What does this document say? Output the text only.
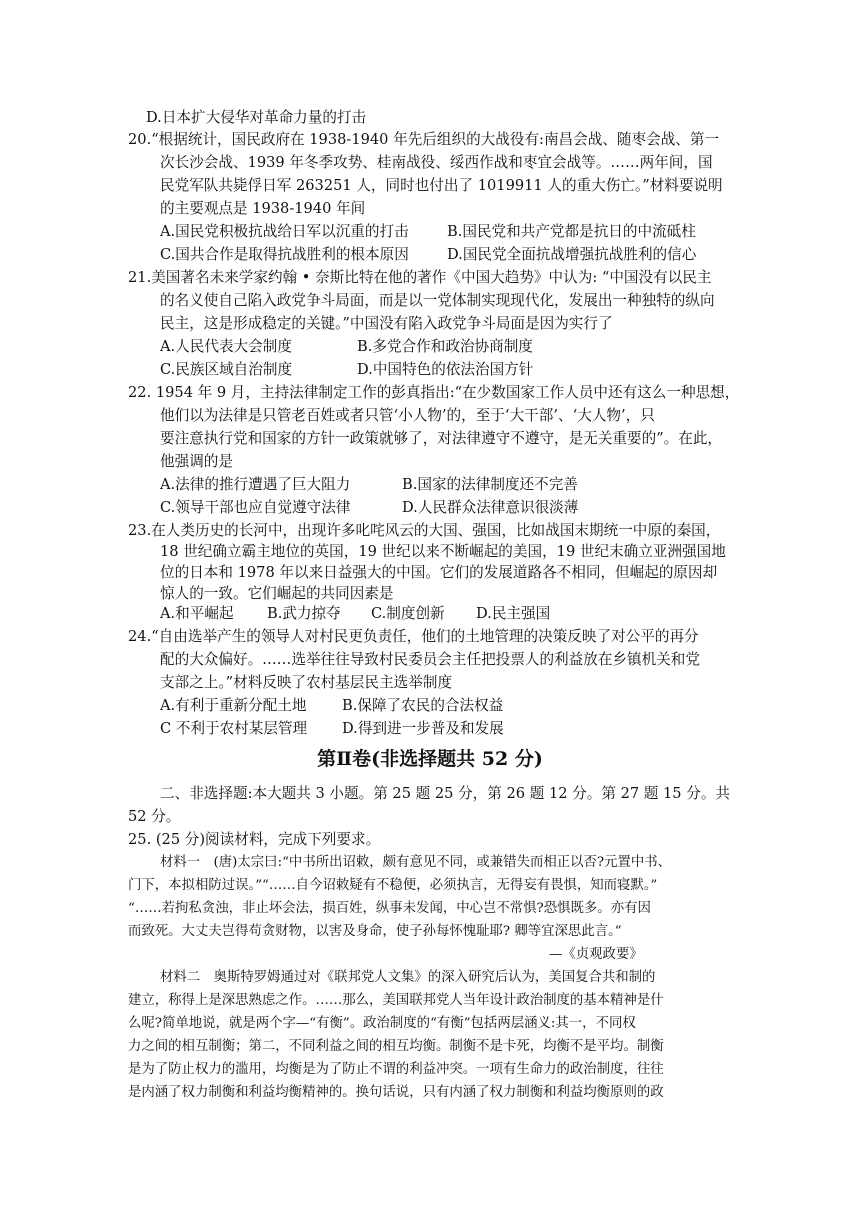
D.日本扩大侵华对革命力量的打击
20.“根据统计，国民政府在 1938-1940 年先后组织的大战役有:南昌会战、随枣会战、第一
次长沙会战、1939 年冬季攻势、桂南战役、绥西作战和枣宜会战等。……两年间，国
民党军队共毙俘日军 263251 人，同时也付出了 1019911 人的重大伤亡。”材料要说明
的主要观点是 1938-1940 年间
A.国民党积极抗战给日军以沉重的打击	B.国民党和共产党都是抗日的中流砥柱
C.国共合作是取得抗战胜利的根本原因	D.国民党全面抗战增强抗战胜利的信心
21.美国著名未来学家约翰 • 奈斯比特在他的著作《中国大趋势》中认为: “中国没有以民主
的名义使自己陷入政党争斗局面，而是以一党体制实现现代化，发展出一种独特的纵向
民主，这是形成稳定的关键。”中国没有陷入政党争斗局面是因为实行了
A.人民代表大会制度	B.多党合作和政治协商制度
C.民族区域自治制度	D.中国特色的依法治国方针
22. 1954 年 9 月，主持法律制定工作的彭真指出:“在少数国家工作人员中还有这么一种思想，
他们以为法律是只管老百姓或者只管‘小人物’的，至于‘大干部’、‘大人物’，只
要注意执行党和国家的方针一政策就够了，对法律遵守不遵守，是无关重要的”。在此，
他强调的是
A.法律的推行遭遇了巨大阻力	B.国家的法律制度还不完善
C.领导干部也应自觉遵守法律	D.人民群众法律意识很淡薄
23.在人类历史的长河中，出现许多叱咤风云的大国、强国，比如战国末期统一中原的秦国，
18 世纪确立霸主地位的英国，19 世纪以来不断崛起的美国，19 世纪末确立亚洲强国地
位的日本和 1978 年以来日益强大的中国。它们的发展道路各不相同，但崛起的原因却
惊人的一致。它们崛起的共同因素是
A.和平崛起 B.武力掠夺 C.制度创新 D.民主强国
24.“自由选举产生的领导人对村民更负责任，他们的土地管理的决策反映了对公平的再分
配的大众偏好。……选举往往导致村民委员会主任把投票人的利益放在乡镇机关和党
支部之上。”材料反映了农村基层民主选举制度
A.有利于重新分配土地 B.保障了农民的合法权益
C 不利于农村某层管理 D.得到进一步普及和发展
第Ⅱ卷(非选择题共 52 分)
二、非选择题:本大题共 3 小题。第 25 题 25 分，第 26 题 12 分。第 27 题 15 分。共
52 分。
25. (25 分)阅读材料，完成下列要求。
材料一　(唐)太宗曰:“中书所出诏敕，颇有意见不同，或兼错失而相正以否?元置中书、
门下，本拟相防过误。”“……自今诏敕疑有不稳便，必须执言，无得妄有畏惧，知而寝默。”
“……若拘私贪浊，非止坏会法，损百姓，纵事未发闻，中心岂不常惧?恐惧既多。亦有因
而致死。大丈夫岂得苟贪财物，以害及身命，使子孙每怀愧耻耶? 卿等宜深思此言。”
—《贞观政要》
材料二　奥斯特罗姆通过对《联邦党人文集》的深入研究后认为，美国复合共和制的
建立，称得上是深思熟虑之作。……那么，美国联邦党人当年设计政治制度的基本精神是什
么呢?简单地说，就是两个字—“有衡”。政治制度的“有衡”包括两层涵义:其一，不同权
力之间的相互制衡；第二，不同利益之间的相互均衡。制衡不是卡死，均衡不是平均。制衡
是为了防止权力的滥用，均衡是为了防止不谓的利益冲突。一项有生命力的政治制度，往往
是内涵了权力制衡和利益均衡精神的。换句话说，只有内涵了权力制衡和利益均衡原则的政
